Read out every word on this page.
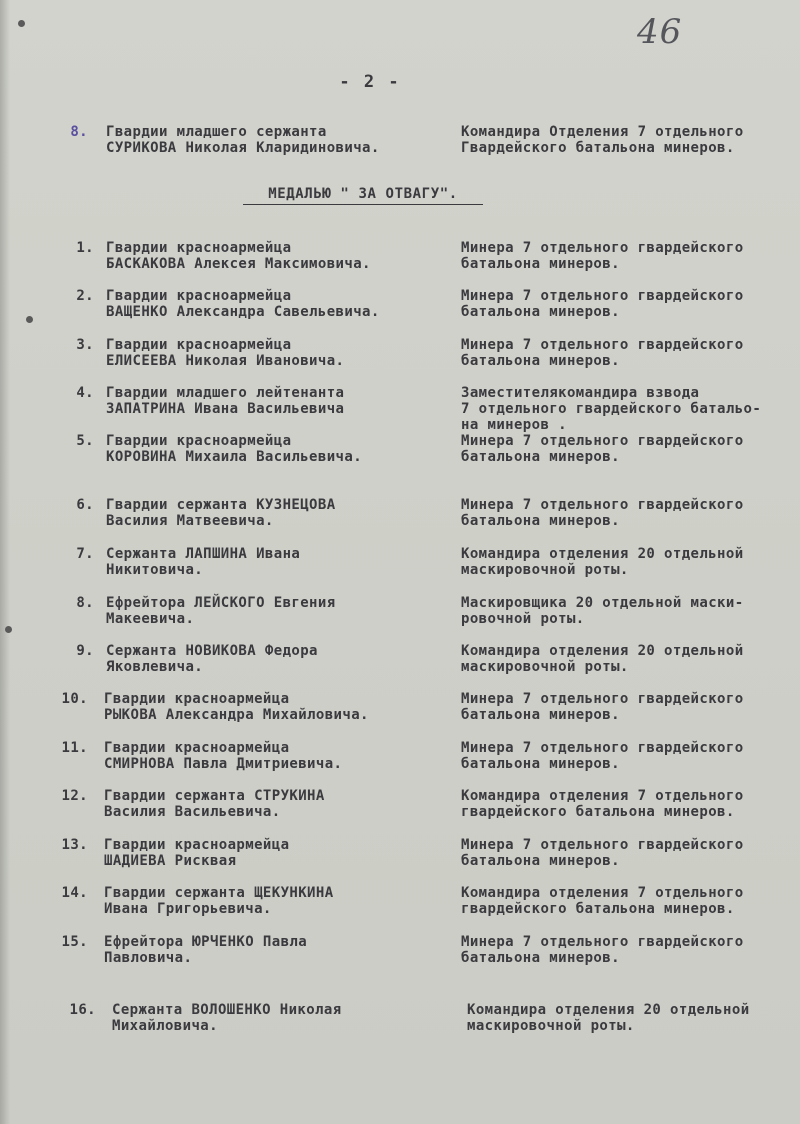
46
- 2 -
8. Гвардии младшего сержанта
СУРИКОВА Николая Кларидиновича.
Командира Отделения 7 отдельного
Гвардейского батальона минеров.
МЕДАЛЬЮ " ЗА ОТВАГУ".
1. Гвардии красноармейца
БАСКАКОВА Алексея Максимовича.
Минера 7 отдельного гвардейского
батальона минеров.
2. Гвардии красноармейца
ВАЩЕНКО Александра Савельевича.
Минера 7 отдельного гвардейского
батальона минеров.
3. Гвардии красноармейца
ЕЛИСЕЕВА Николая Ивановича.
Минера 7 отдельного гвардейского
батальона минеров.
4. Гвардии младшего лейтенанта
ЗАПАТРИНА Ивана Васильевича
Заместителякомандира взвода
7 отдельного гвардейского батальо-
на минеров .
5. Гвардии красноармейца
КОРОВИНА Михаила Васильевича.
Минера 7 отдельного гвардейского
батальона минеров.
6. Гвардии сержанта КУЗНЕЦОВА
Василия Матвеевича.
Минера 7 отдельного гвардейского
батальона минеров.
7. Сержанта ЛАПШИНА Ивана
Никитовича.
Командира отделения 20 отдельной
маскировочной роты.
8. Ефрейтора ЛЕЙСКОГО Евгения
Макеевича.
Маскировщика 20 отдельной маски-
ровочной роты.
9. Сержанта НОВИКОВА Федора
Яковлевича.
Командира отделения 20 отдельной
маскировочной роты.
10. Гвардии красноармейца
РЫКОВА Александра Михайловича.
Минера 7 отдельного гвардейского
батальона минеров.
11. Гвардии красноармейца
СМИРНОВА Павла Дмитриевича.
Минера 7 отдельного гвардейского
батальона минеров.
12. Гвардии сержанта СТРУКИНА
Василия Васильевича.
Командира отделения 7 отдельного
гвардейского батальона минеров.
13. Гвардии красноармейца
ШАДИЕВА Рисквая
Минера 7 отдельного гвардейского
батальона минеров.
14. Гвардии сержанта ЩЕКУНКИНА
Ивана Григорьевича.
Командира отделения 7 отдельного
гвардейского батальона минеров.
15. Ефрейтора ЮРЧЕНКО Павла
Павловича.
Минера 7 отдельного гвардейского
батальона минеров.
16. Сержанта ВОЛОШЕНКО Николая
Михайловича.
Командира отделения 20 отдельной
маскировочной роты.
